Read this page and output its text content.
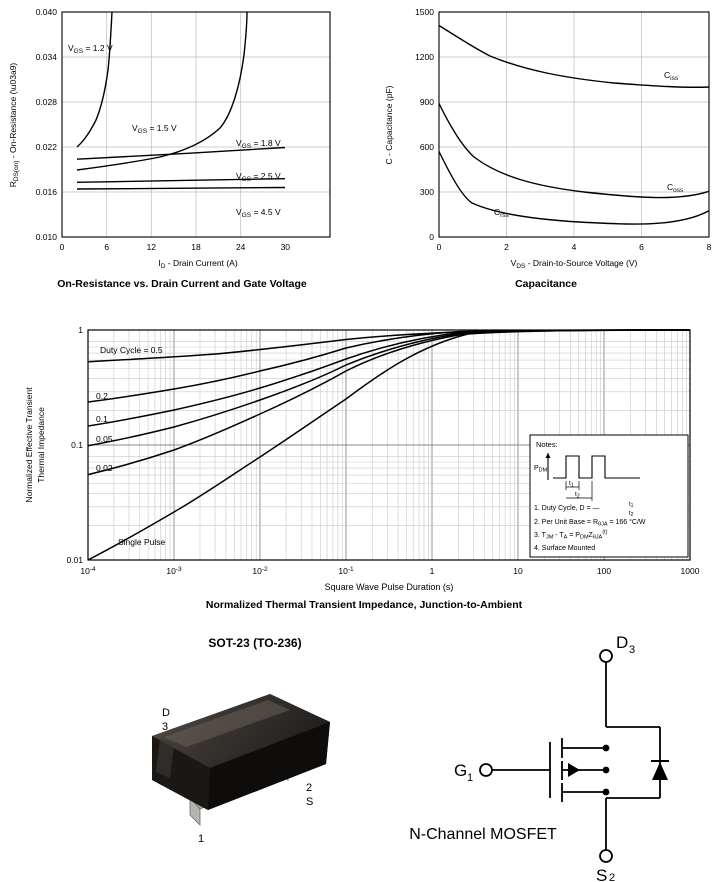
0.040
0.034
0.028
0.022
0.016
0.010
0	6	12	18	24	30
$I_D$ - Drain Current (A)
$R_{DS(on)}$ - On-Resistance (\u03a9)
$V_{GS} = 1.2$ V
$V_{GS} = 1.5$ V
$V_{GS} = 1.8$ V
$V_{GS} = 2.5$ V
$V_{GS} = 4.5$ V
On-Resistance vs. Drain Current and Gate Voltage
1500
1200
900
600
300
0
0	2	4	6	8
$V_{DS}$ - Drain-to-Source Voltage (V)
C - Capacitance (pF)
$C_{iss}$
$C_{oss}$
$C_{rss}$
Capacitance
1
0.1
0.01
$10^{-4}$	$10^{-3}$	$10^{-2}$	$10^{-1}$	1	10	100	1000
Square Wave Pulse Duration (s)
Normalized Effective Transient Thermal Impedance
Duty Cycle = 0.5
0.2
0.1
0.05
0.02
Single Pulse
Notes:
$P_{DM}$
$t_1$
$t_2$
1. Duty Cycle, D = —	t1
t2
2. Per Unit Base = $R_{\theta JA} = 166$ °C/W
3. $T_{JM} - T_A = P_{DM}Z_{\theta JA}^{(t)}$
4. Surface Mounted
Normalized Thermal Transient Impedance, Junction-to-Ambient
SOT-23 (TO-236)
D
3
2
S
1
D 3
G 1
S 2
N-Channel MOSFET
